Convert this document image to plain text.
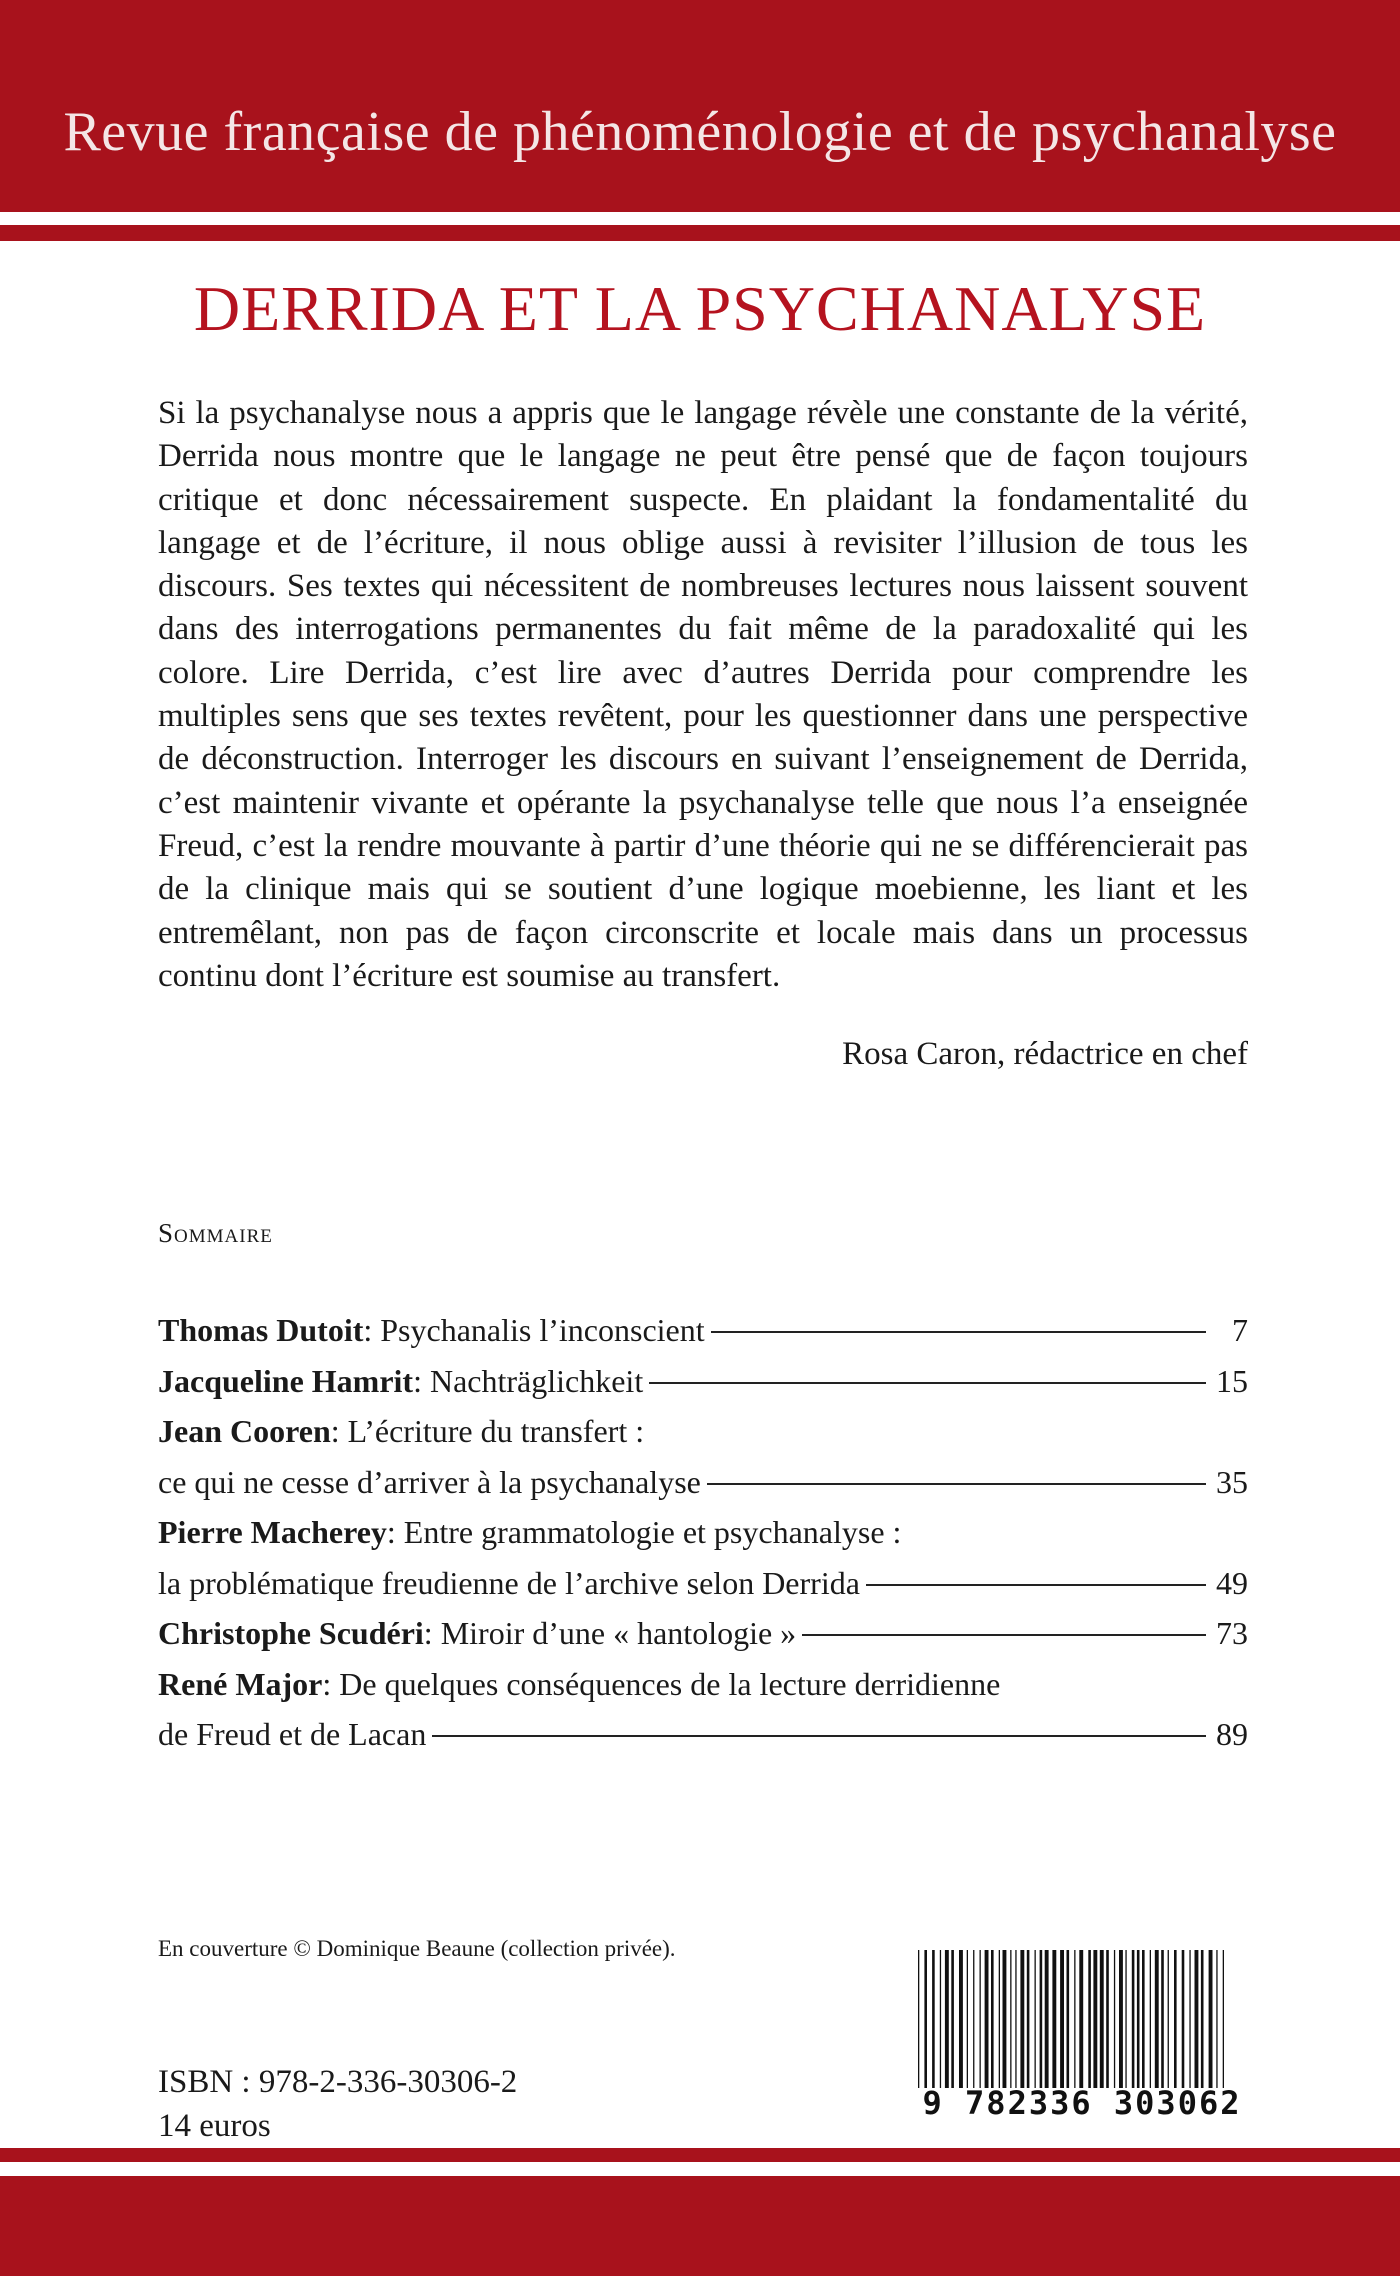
Revue française de phénoménologie et de psychanalyse
DERRIDA ET LA PSYCHANALYSE

Si la psychanalyse nous a appris que le langage révèle une constante de la vérité, Derrida nous montre que le langage ne peut être pensé que de façon toujours critique et donc nécessairement suspecte. En plaidant la fondamentalité du langage et de l’écriture, il nous oblige aussi à revisiter l’illusion de tous les discours. Ses textes qui nécessitent de nombreuses lectures nous laissent souvent dans des interrogations permanentes du fait même de la paradoxalité qui les colore. Lire Derrida, c’est lire avec d’autres Derrida pour comprendre les multiples sens que ses textes revêtent, pour les questionner dans une perspective de déconstruction. Interroger les discours en suivant l’enseignement de Derrida, c’est maintenir vivante et opérante la psychanalyse telle que nous l’a enseignée Freud, c’est la rendre mouvante à partir d’une théorie qui ne se différencierait pas de la clinique mais qui se soutient d’une logique moebienne, les liant et les entremêlant, non pas de façon circonscrite et locale mais dans un processus continu dont l’écriture est soumise au transfert.

Rosa Caron, rédactrice en chef
Sommaire
Thomas Dutoit : Psychanalis l’inconscient	7
Jacqueline Hamrit : Nachträglichkeit	15
Jean Cooren : L’écriture du transfert :
ce qui ne cesse d’arriver à la psychanalyse	35
Pierre Macherey : Entre grammatologie et psychanalyse :
la problématique freudienne de l’archive selon Derrida	49
Christophe Scudéri : Miroir d’une « hantologie »	73
René Major : De quelques conséquences de la lecture derridienne
de Freud et de Lacan	89
En couverture © Dominique Beaune (collection privée).
ISBN : 978-2-336-30306-2
14 euros
9 782336 303062
